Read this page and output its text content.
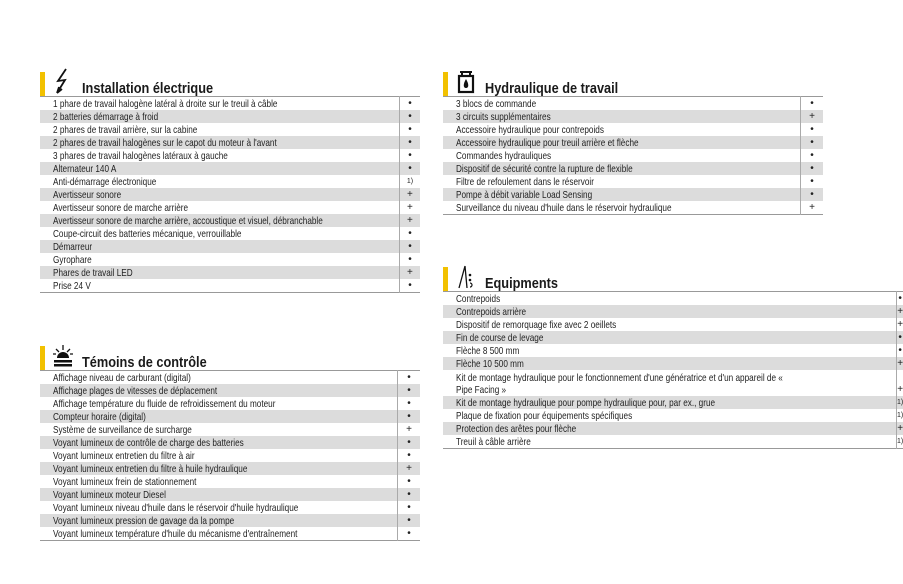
Installation électrique
1 phare de travail halogène latéral à droite sur le treuil à câble	•
2 batteries démarrage à froid	•
2 phares de travail arrière, sur la cabine	•
2 phares de travail halogènes sur le capot du moteur à l'avant	•
3 phares de travail halogènes latéraux à gauche	•
Alternateur 140 A	•
Anti-démarrage électronique	1)
Avertisseur sonore	+
Avertisseur sonore de marche arrière	+
Avertisseur sonore de marche arrière, accoustique et visuel, débranchable	+
Coupe-circuit des batteries mécanique, verrouillable	•
Démarreur	•
Gyrophare	•
Phares de travail LED	+
Prise 24 V	•
Témoins de contrôle
Affichage niveau de carburant (digital)	•
Affichage plages de vitesses de déplacement	•
Affichage température du fluide de refroidissement du moteur	•
Compteur horaire (digital)	•
Système de surveillance de surcharge	+
Voyant lumineux de contrôle de charge des batteries	•
Voyant lumineux entretien du filtre à air	•
Voyant lumineux entretien du filtre à huile hydraulique	+
Voyant lumineux frein de stationnement	•
Voyant lumineux moteur Diesel	•
Voyant lumineux niveau d'huile dans le réservoir d'huile hydraulique	•
Voyant lumineux pression de gavage da la pompe	•
Voyant lumineux température d'huile du mécanisme d'entraînement	•
Hydraulique de travail
3 blocs de commande	•
3 circuits supplémentaires	+
Accessoire hydraulique pour contrepoids	•
Accessoire hydraulique pour treuil arrière et flèche	•
Commandes hydrauliques	•
Dispositif de sécurité contre la rupture de flexible	•
Filtre de refoulement dans le réservoir	•
Pompe à débit variable Load Sensing	•
Surveillance du niveau d'huile dans le réservoir hydraulique	+
Equipments
Contrepoids	•
Contrepoids arrière	+
Dispositif de remorquage fixe avec 2 oeillets	+
Fin de course de levage	•
Flèche 8 500 mm	•
Flèche 10 500 mm	+
Kit de montage hydraulique pour le fonctionnement d'une génératrice et d'un appareil de « Pipe Facing »	+
Kit de montage hydraulique pour pompe hydraulique pour, par ex., grue	1)
Plaque de fixation pour équipements spécifiques	1)
Protection des arêtes pour flèche	+
Treuil à câble arrière	1)
